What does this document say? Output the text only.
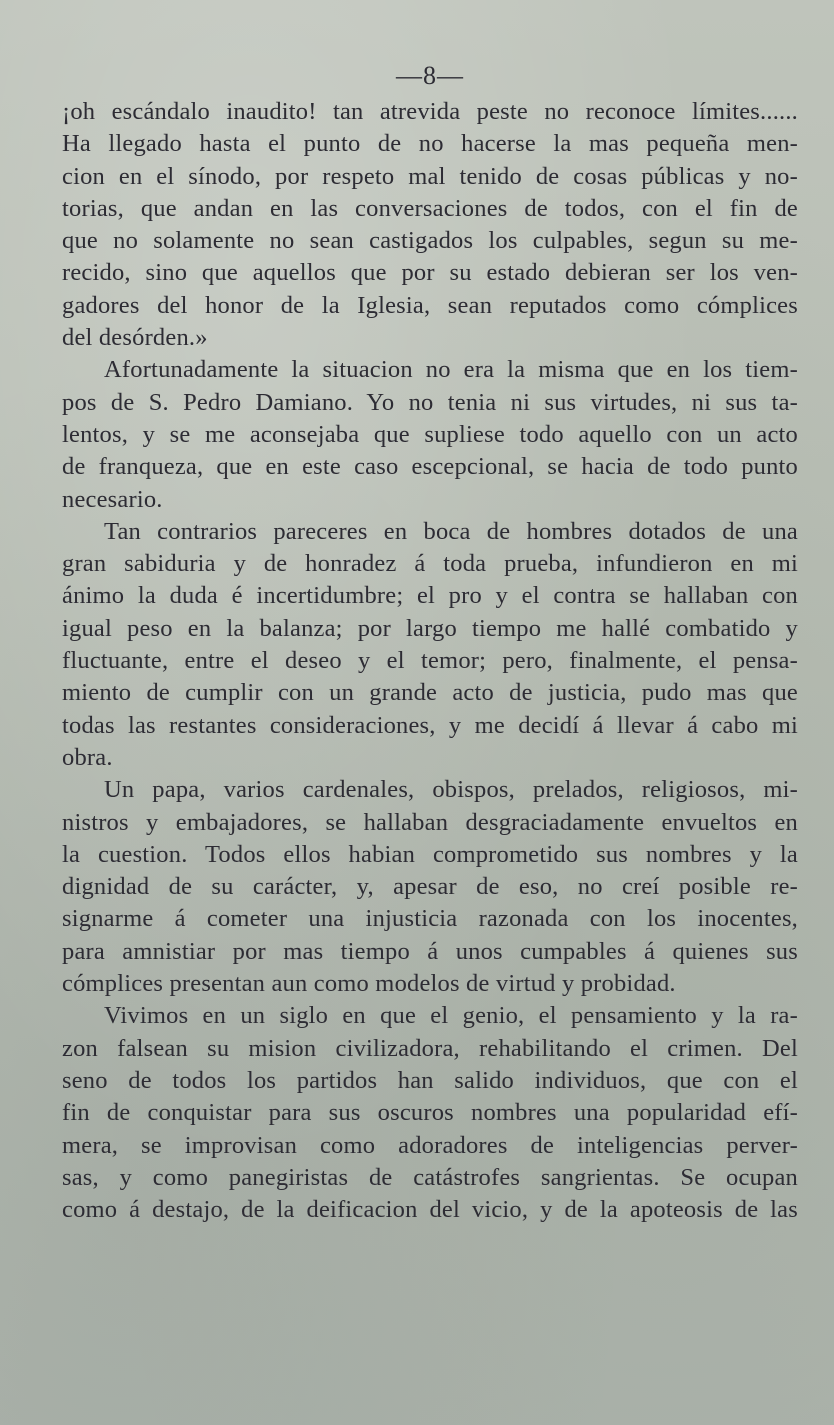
—8—
¡oh escándalo inaudito! tan atrevida peste no reconoce límites......
Ha llegado hasta el punto de no hacerse la mas pequeña men-
cion en el sínodo, por respeto mal tenido de cosas públicas y no-
torias, que andan en las conversaciones de todos, con el fin de
que no solamente no sean castigados los culpables, segun su me-
recido, sino que aquellos que por su estado debieran ser los ven-
gadores del honor de la Iglesia, sean reputados como cómplices
del desórden.»
Afortunadamente la situacion no era la misma que en los tiem-
pos de S. Pedro Damiano. Yo no tenia ni sus virtudes, ni sus ta-
lentos, y se me aconsejaba que supliese todo aquello con un acto
de franqueza, que en este caso escepcional, se hacia de todo punto
necesario.
Tan contrarios pareceres en boca de hombres dotados de una
gran sabiduria y de honradez á toda prueba, infundieron en mi
ánimo la duda é incertidumbre; el pro y el contra se hallaban con
igual peso en la balanza; por largo tiempo me hallé combatido y
fluctuante, entre el deseo y el temor; pero, finalmente, el pensa-
miento de cumplir con un grande acto de justicia, pudo mas que
todas las restantes consideraciones, y me decidí á llevar á cabo mi
obra.
Un papa, varios cardenales, obispos, prelados, religiosos, mi-
nistros y embajadores, se hallaban desgraciadamente envueltos en
la cuestion. Todos ellos habian comprometido sus nombres y la
dignidad de su carácter, y, apesar de eso, no creí posible re-
signarme á cometer una injusticia razonada con los inocentes,
para amnistiar por mas tiempo á unos cumpables á quienes sus
cómplices presentan aun como modelos de virtud y probidad.
Vivimos en un siglo en que el genio, el pensamiento y la ra-
zon falsean su mision civilizadora, rehabilitando el crimen. Del
seno de todos los partidos han salido individuos, que con el
fin de conquistar para sus oscuros nombres una popularidad efí-
mera, se improvisan como adoradores de inteligencias perver-
sas, y como panegiristas de catástrofes sangrientas. Se ocupan
como á destajo, de la deificacion del vicio, y de la apoteosis de las
